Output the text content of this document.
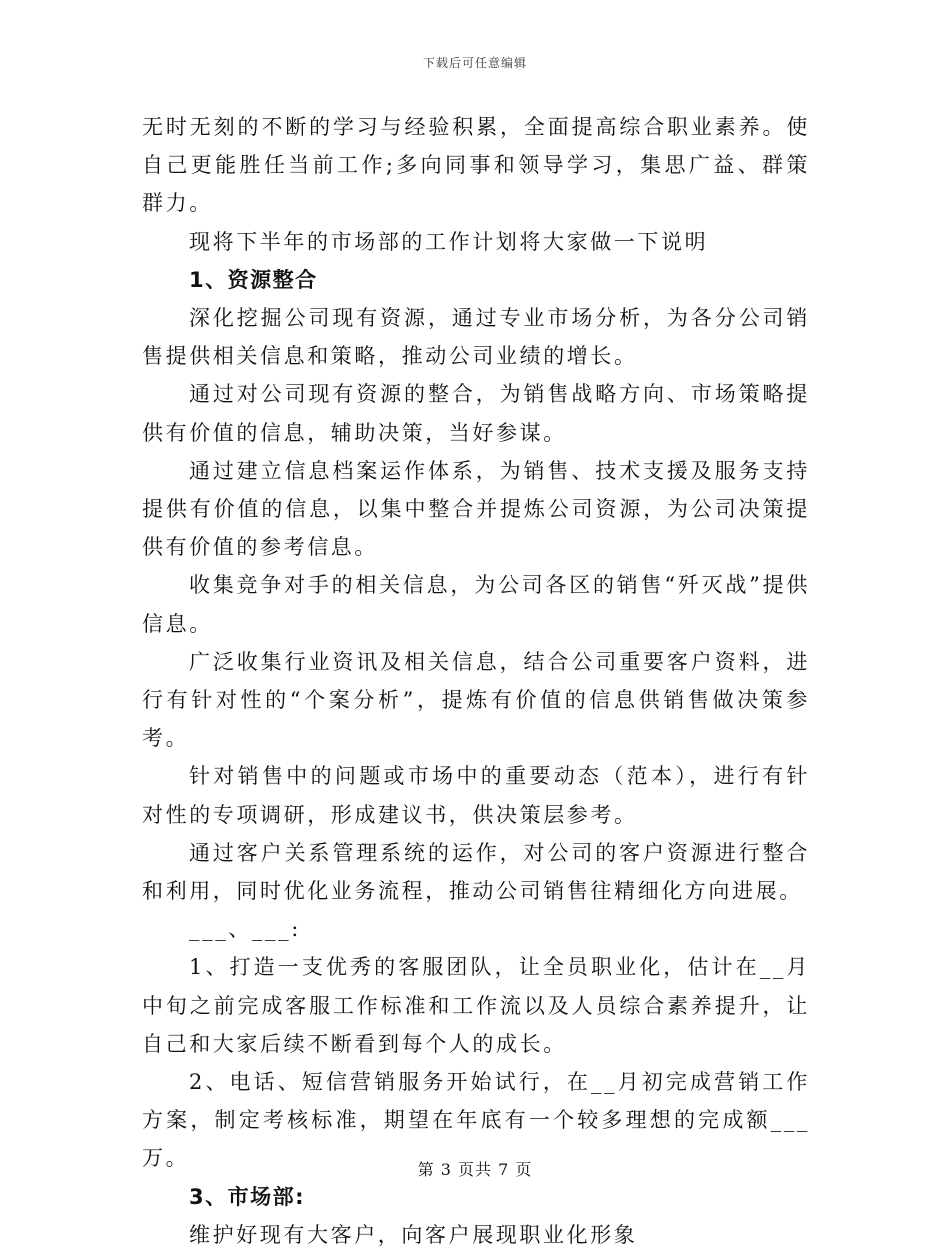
下载后可任意编辑

无时无刻的不断的学习与经验积累，全面提高综合职业素养。使自己更能胜任当前工作;多向同事和领导学习，集思广益、群策群力。

现将下半年的市场部的工作计划将大家做一下说明

1、资源整合

深化挖掘公司现有资源，通过专业市场分析，为各分公司销售提供相关信息和策略，推动公司业绩的增长。

通过对公司现有资源的整合，为销售战略方向、市场策略提供有价值的信息，辅助决策，当好参谋。

通过建立信息档案运作体系，为销售、技术支援及服务支持提供有价值的信息，以集中整合并提炼公司资源，为公司决策提供有价值的参考信息。

收集竞争对手的相关信息，为公司各区的销售“歼灭战”提供信息。

广泛收集行业资讯及相关信息，结合公司重要客户资料，进行有针对性的“个案分析”，提炼有价值的信息供销售做决策参考。

针对销售中的问题或市场中的重要动态（范本），进行有针对性的专项调研，形成建议书，供决策层参考。

通过客户关系管理系统的运作，对公司的客户资源进行整合和利用，同时优化业务流程，推动公司销售往精细化方向进展。

___、___:

1、打造一支优秀的客服团队，让全员职业化，估计在__月中旬之前完成客服工作标准和工作流以及人员综合素养提升，让自己和大家后续不断看到每个人的成长。

2、电话、短信营销服务开始试行，在__月初完成营销工作方案，制定考核标准，期望在年底有一个较多理想的完成额___万。

3、市场部:

维护好现有大客户，向客户展现职业化形象

第 3 页共 7 页
